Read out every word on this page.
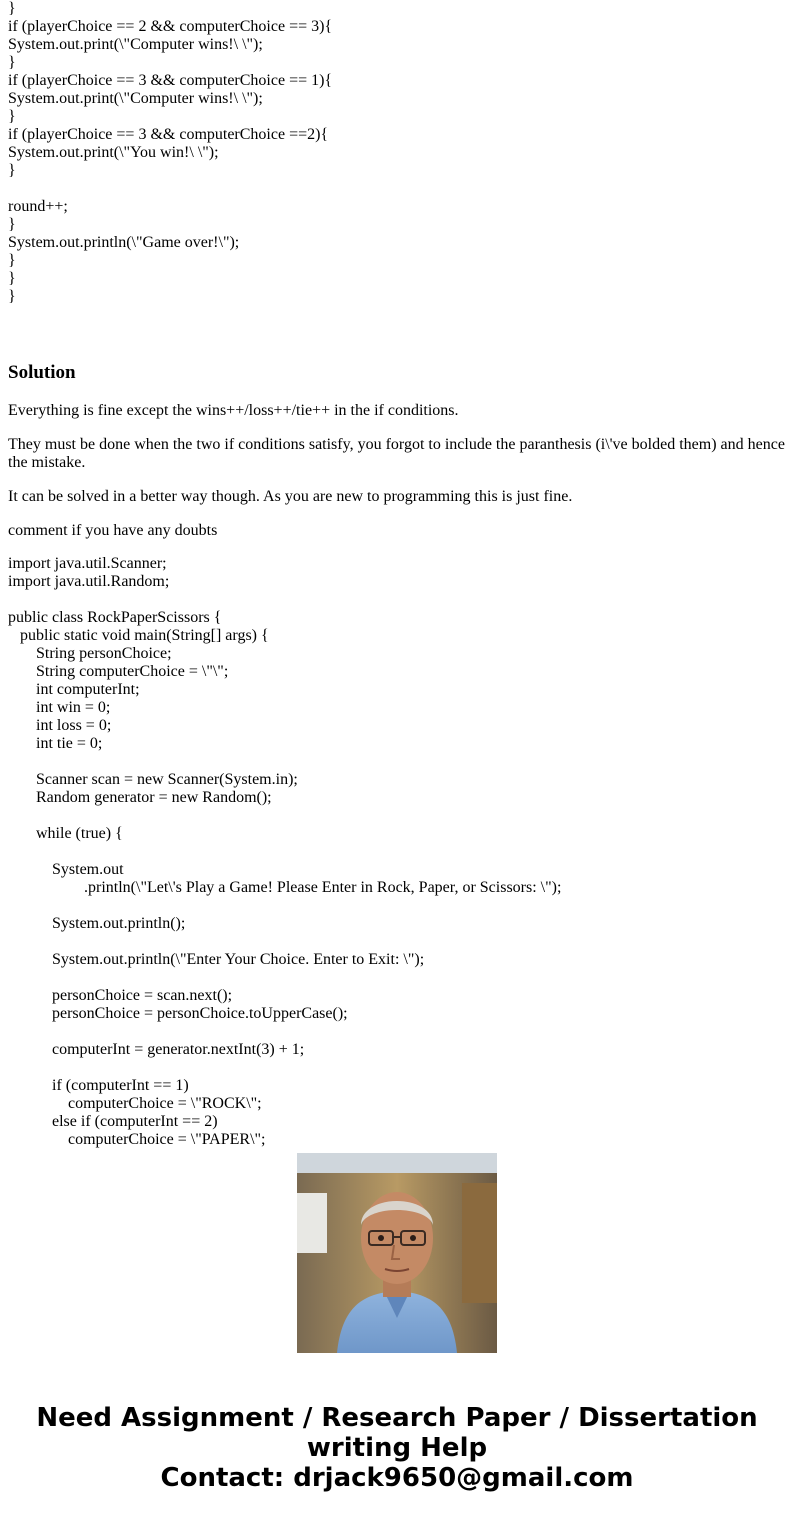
}
if (playerChoice == 2 && computerChoice == 3){
System.out.print(\"Computer wins!\ \");
}
if (playerChoice == 3 && computerChoice == 1){
System.out.print(\"Computer wins!\ \");
}
if (playerChoice == 3 && computerChoice ==2){
System.out.print(\"You win!\ \");
}
round++;
}
System.out.println(\"Game over!\");
}
}
}
Solution

Everything is fine except the wins++/loss++/tie++ in the if conditions.

They must be done when the two if conditions satisfy, you forgot to include the paranthesis (i\'ve bolded them) and hence the mistake.

It can be solved in a better way though. As you are new to programming this is just fine.

comment if you have any doubts

import java.util.Scanner;
import java.util.Random;
public class RockPaperScissors {
public static void main(String[] args) {
String personChoice;
String computerChoice = \"\";
int computerInt;
int win = 0;
int loss = 0;
int tie = 0;
Scanner scan = new Scanner(System.in);
Random generator = new Random();
while (true) {
System.out
.println(\"Let\'s Play a Game! Please Enter in Rock, Paper, or Scissors: \");
System.out.println();
System.out.println(\"Enter Your Choice. Enter to Exit: \");
personChoice = scan.next();
personChoice = personChoice.toUpperCase();
computerInt = generator.nextInt(3) + 1;
if (computerInt == 1)
computerChoice = \"ROCK\";
else if (computerInt == 2)
computerChoice = \"PAPER\";
Need Assignment / Research Paper / Dissertation
writing Help
Contact: drjack9650@gmail.com
